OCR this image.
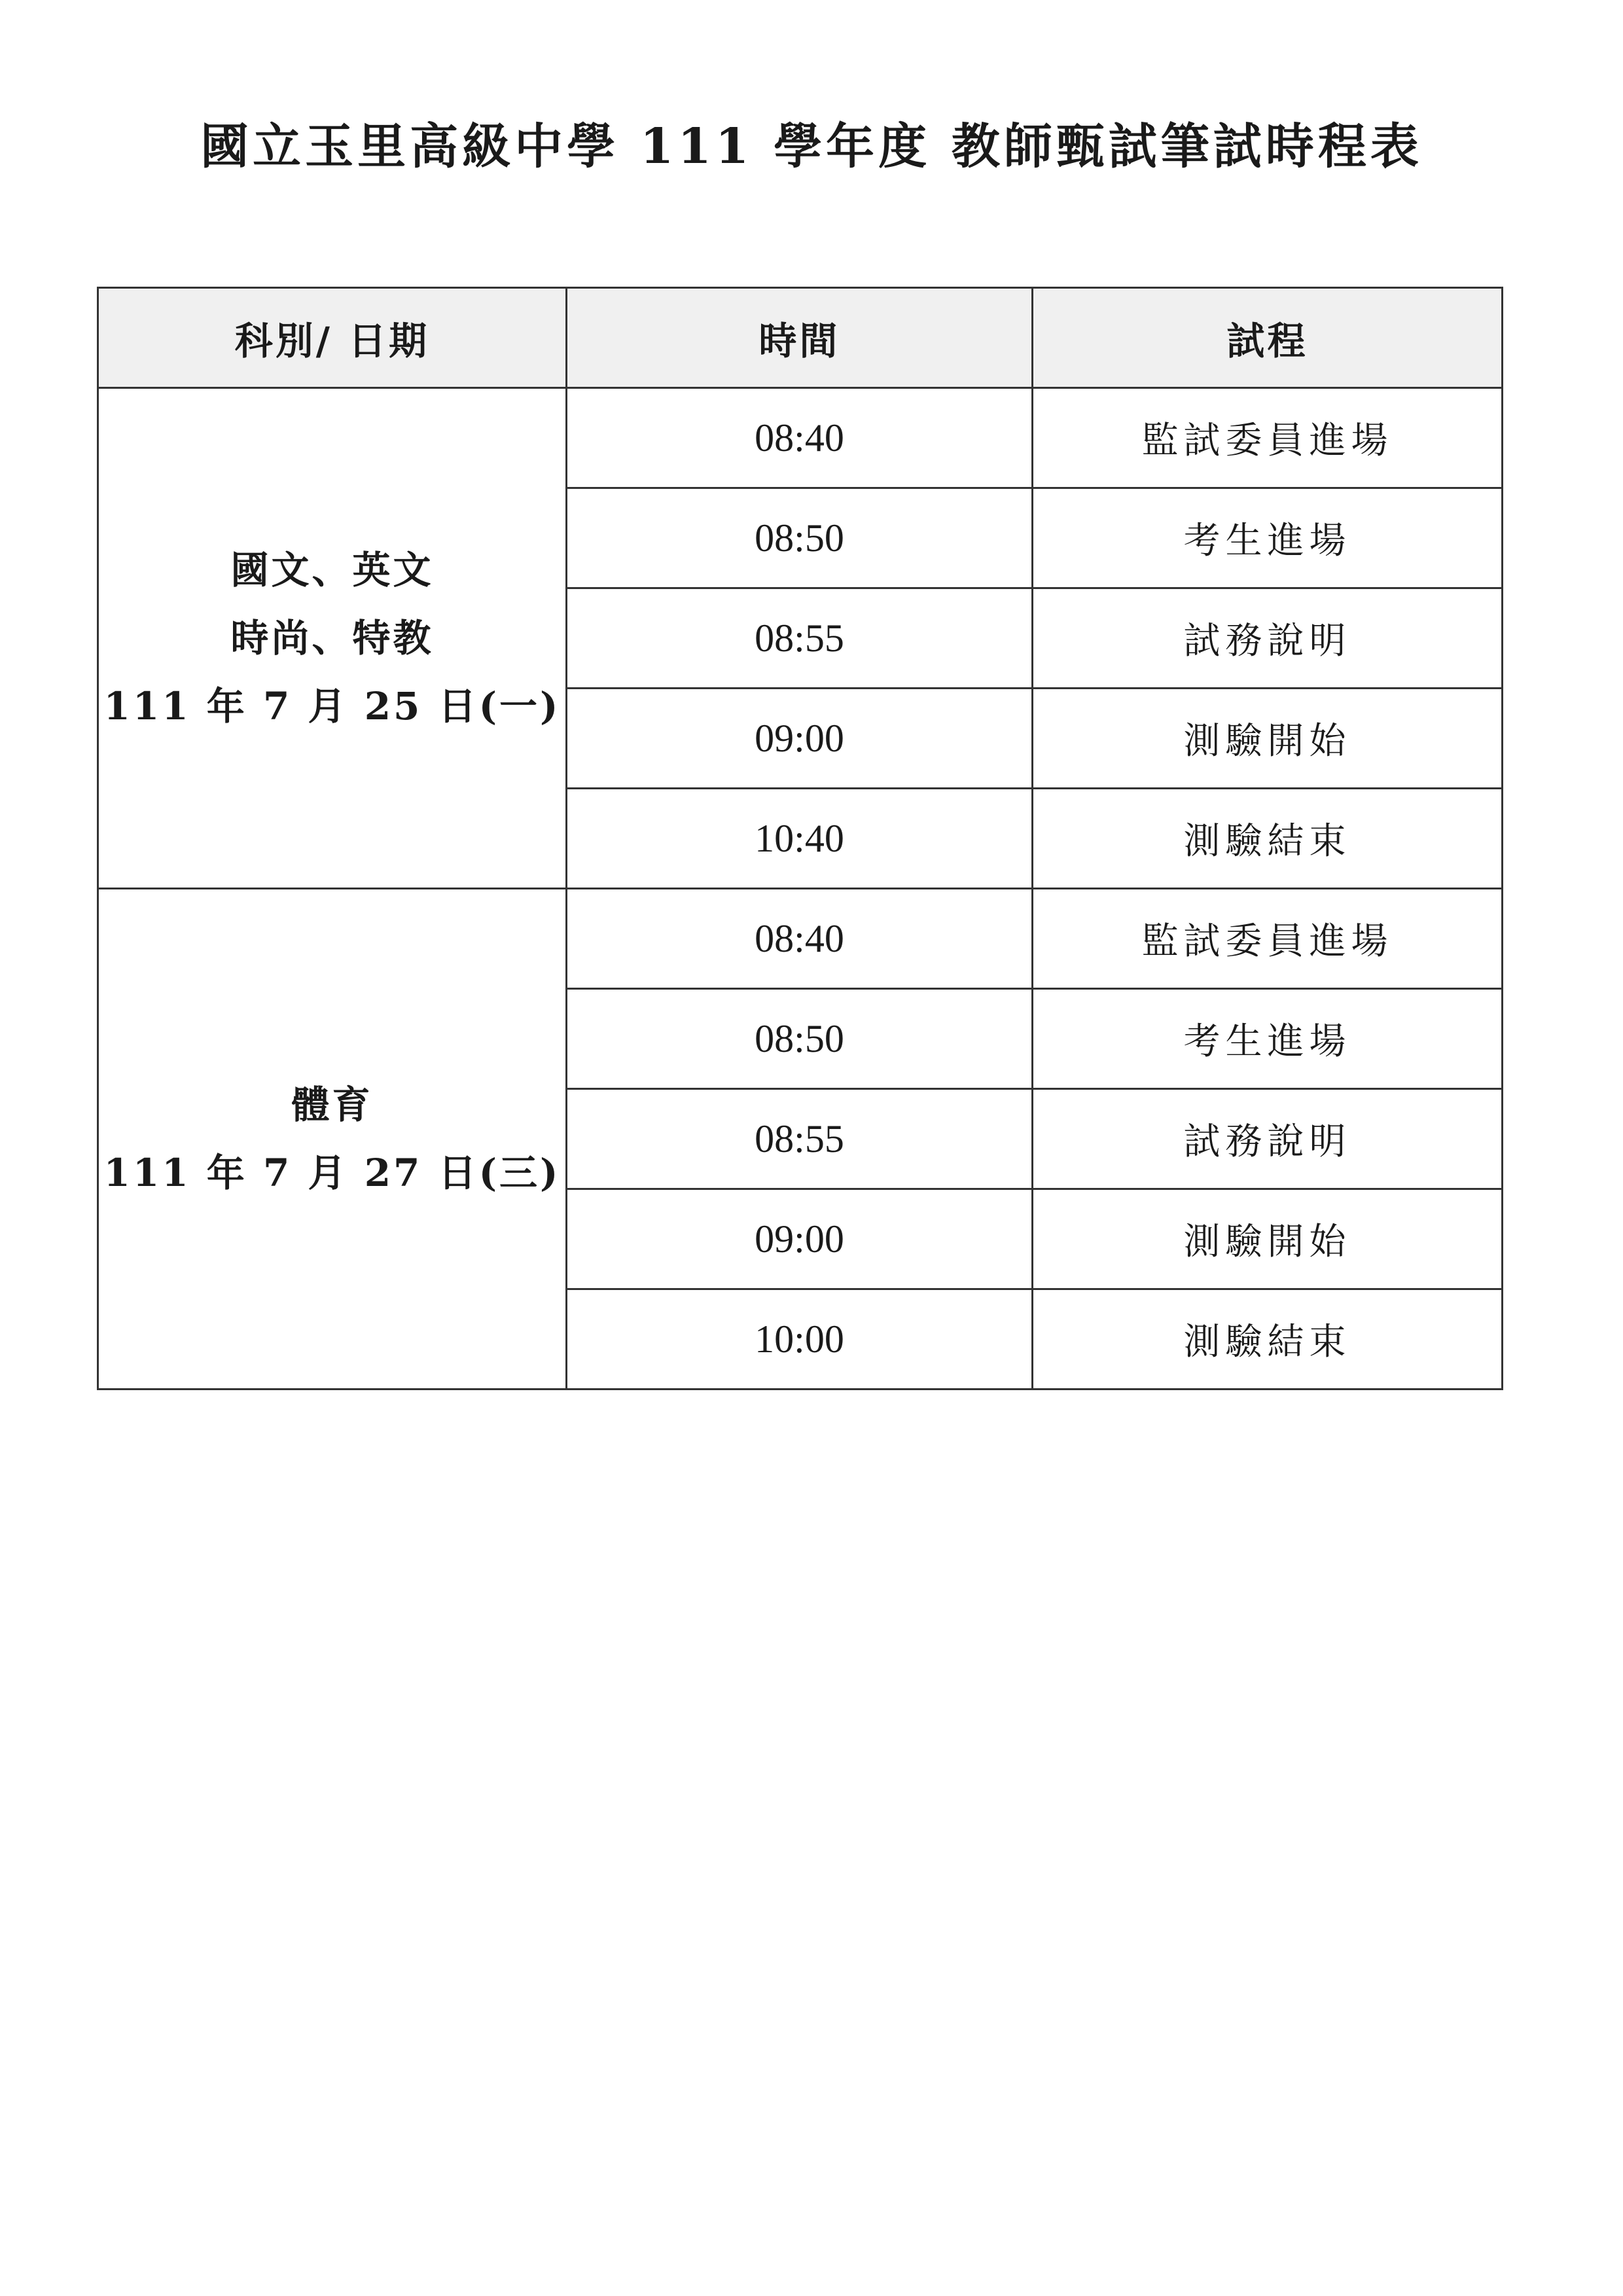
國立玉里高級中學 111 學年度 教師甄試筆試時程表
科別/ 日期	時間	試程

國文、英文
時尚、特教
111 年 7 月 25 日(一)	08:40	監試委員進場
	08:50	考生進場
	08:55	試務說明
	09:00	測驗開始
	10:40	測驗結束

體育
111 年 7 月 27 日(三)	08:40	監試委員進場
	08:50	考生進場
	08:55	試務說明
	09:00	測驗開始
	10:00	測驗結束
